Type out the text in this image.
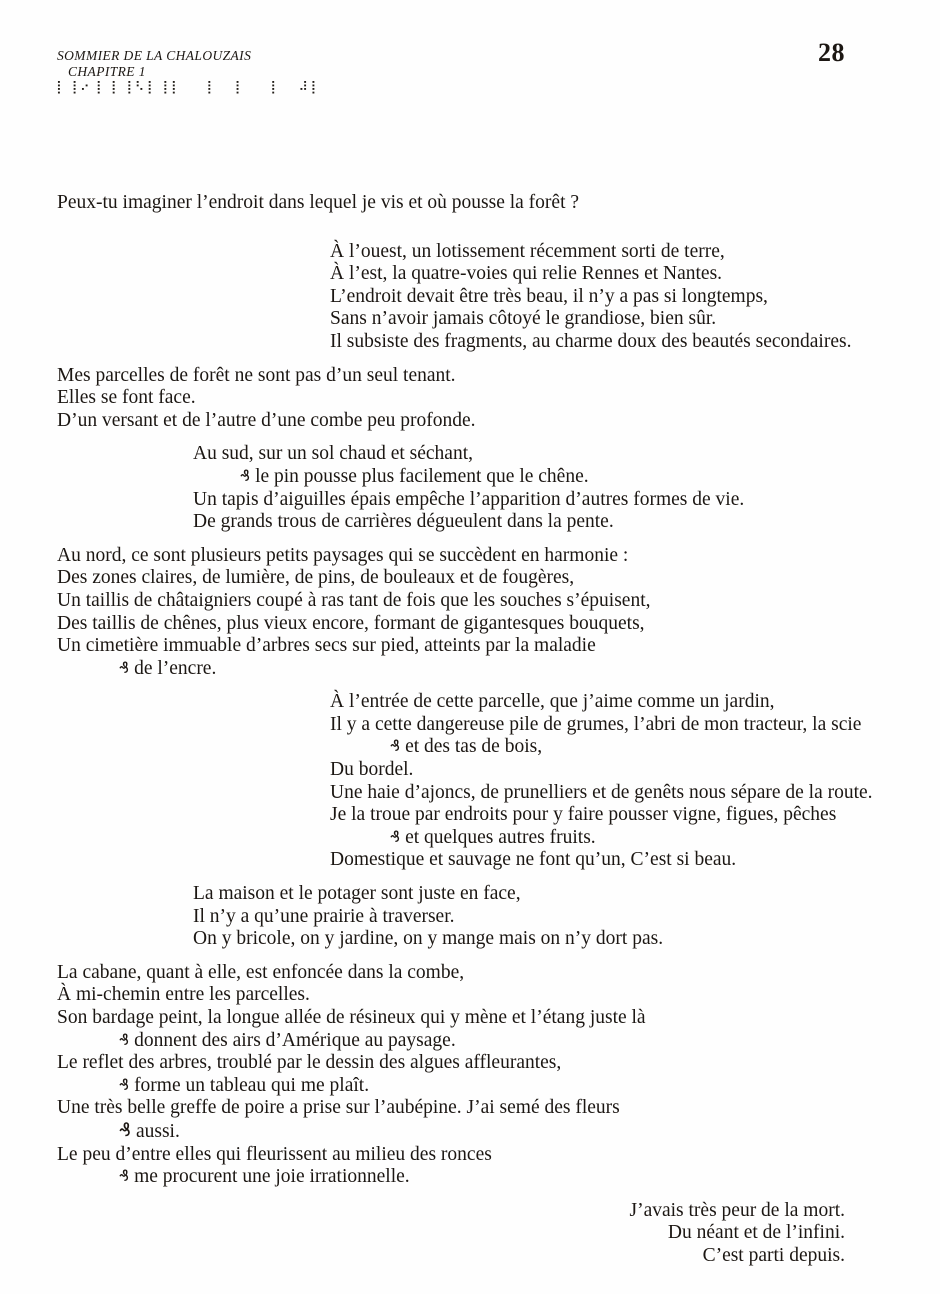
SOMMIER DE LA CHALOUZAIS
CHAPITRE 1
⡇⢸⠔⢸ ⡇⢸⠣⡇⢸⡇   ⢸   ⡇   ⢸   ⠼⡇
28
Peux-tu imaginer l’endroit dans lequel je vis et où pousse la forêt ?
À l’ouest, un lotissement récemment sorti de terre,
À l’est, la quatre-voies qui relie Rennes et Nantes.
L’endroit devait être très beau, il n’y a pas si longtemps,
Sans n’avoir jamais côtoyé le grandiose, bien sûr.
Il subsiste des fragments, au charme doux des beautés secondaires.
Mes parcelles de forêt ne sont pas d’un seul tenant.
Elles se font face.
D’un versant et de l’autre d’une combe peu profonde.
Au sud, sur un sol chaud et séchant,
₰ le pin pousse plus facilement que le chêne.
Un tapis d’aiguilles épais empêche l’apparition d’autres formes de vie.
De grands trous de carrières dégueulent dans la pente.
Au nord, ce sont plusieurs petits paysages qui se succèdent en harmonie :
Des zones claires, de lumière, de pins, de bouleaux et de fougères,
Un taillis de châtaigniers coupé à ras tant de fois que les souches s’épuisent,
Des taillis de chênes, plus vieux encore, formant de gigantesques bouquets,
Un cimetière immuable d’arbres secs sur pied, atteints par la maladie
₰ de l’encre.
À l’entrée de cette parcelle, que j’aime comme un jardin,
Il y a cette dangereuse pile de grumes, l’abri de mon tracteur, la scie
₰ et des tas de bois,
Du bordel.
Une haie d’ajoncs, de prunelliers et de genêts nous sépare de la route.
Je la troue par endroits pour y faire pousser vigne, figues, pêches
₰ et quelques autres fruits.
Domestique et sauvage ne font qu’un, C’est si beau.
La maison et le potager sont juste en face,
Il n’y a qu’une prairie à traverser.
On y bricole, on y jardine, on y mange mais on n’y dort pas.
La cabane, quant à elle, est enfoncée dans la combe,
À mi-chemin entre les parcelles.
Son bardage peint, la longue allée de résineux qui y mène et l’étang juste là
₰ donnent des airs d’Amérique au paysage.
Le reflet des arbres, troublé par le dessin des algues affleurantes,
₰ forme un tableau qui me plaît.
Une très belle greffe de poire a prise sur l’aubépine. J’ai semé des fleurs
₰ aussi.
Le peu d’entre elles qui fleurissent au milieu des ronces
₰ me procurent une joie irrationnelle.
J’avais très peur de la mort.
Du néant et de l’infini.
C’est parti depuis.
